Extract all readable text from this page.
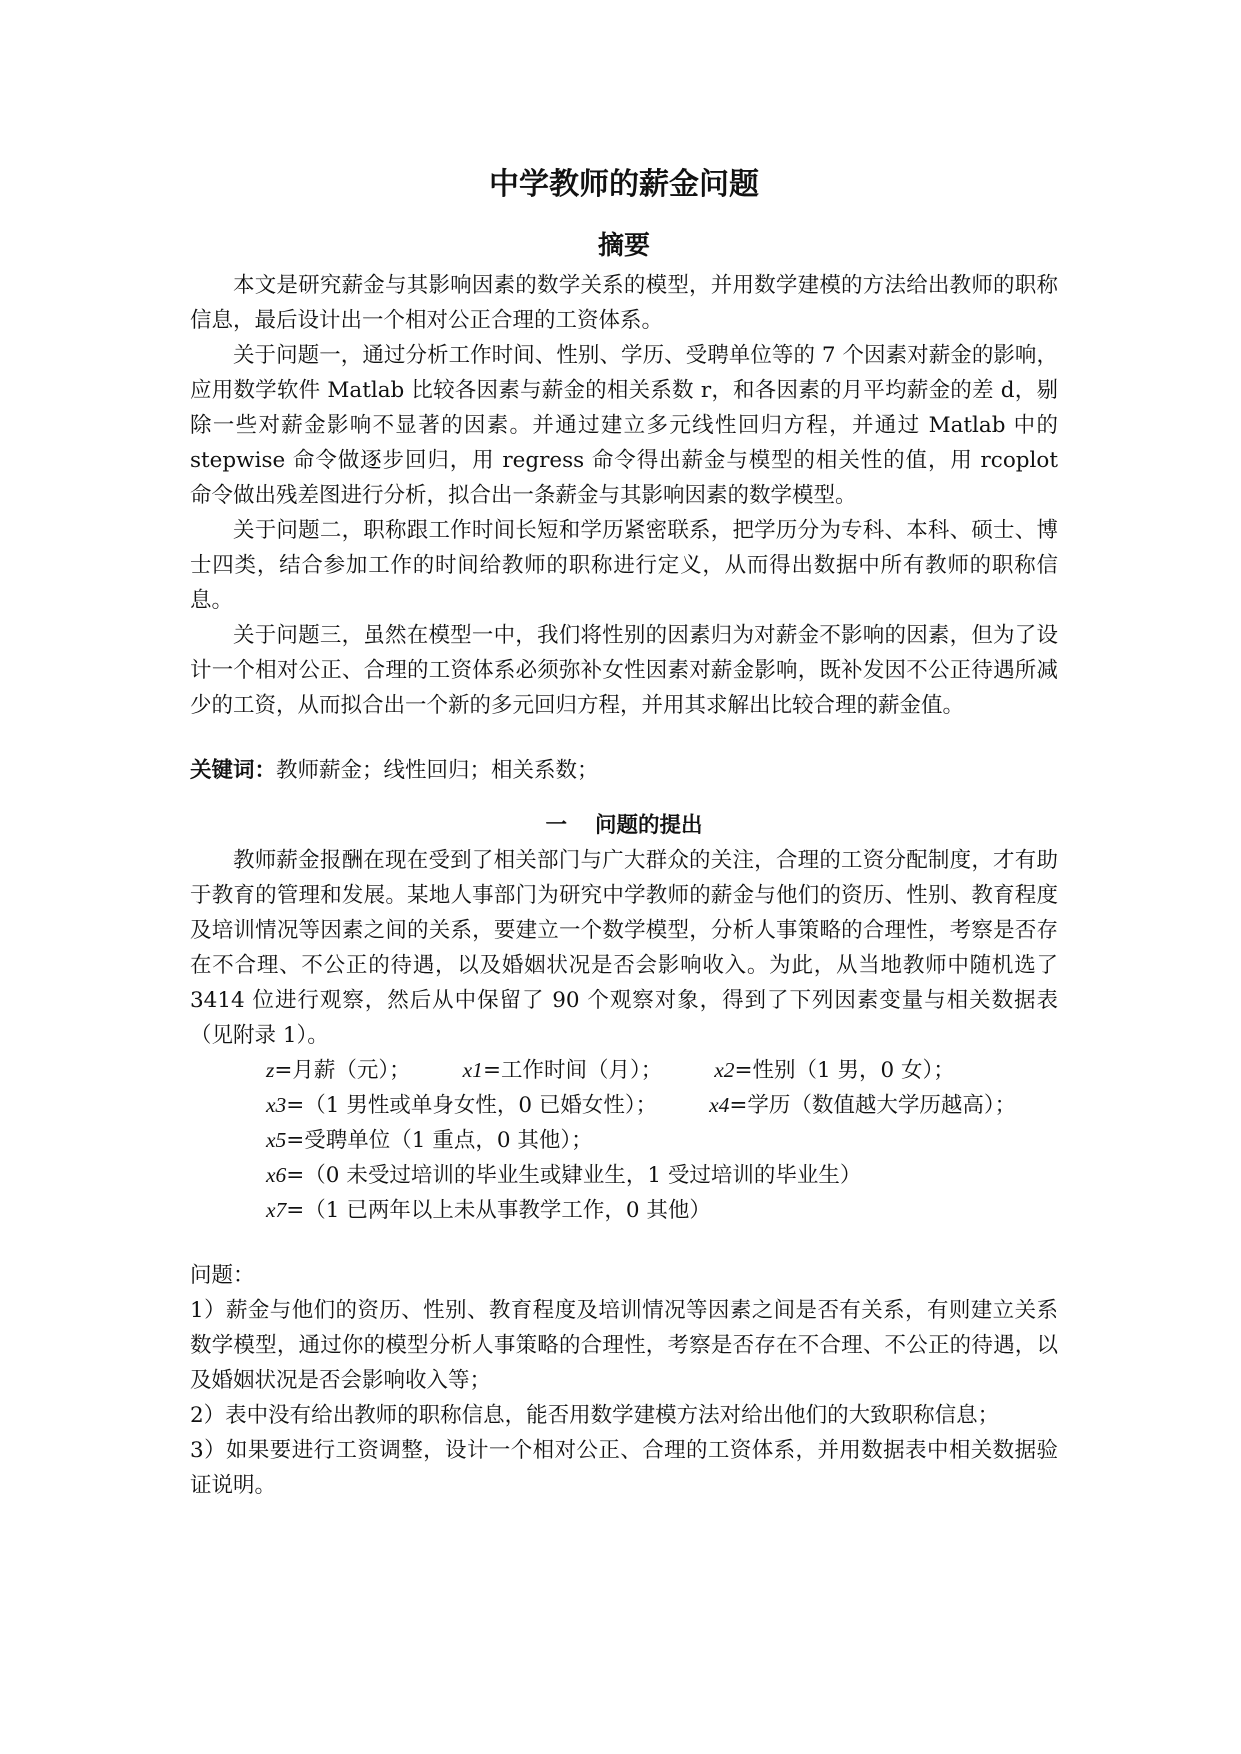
中学教师的薪金问题
摘要

本文是研究薪金与其影响因素的数学关系的模型，并用数学建模的方法给出教师的职称信息，最后设计出一个相对公正合理的工资体系。

关于问题一，通过分析工作时间、性别、学历、受聘单位等的 7 个因素对薪金的影响，应用数学软件 Matlab 比较各因素与薪金的相关系数 r，和各因素的月平均薪金的差 d，剔除一些对薪金影响不显著的因素。并通过建立多元线性回归方程，并通过 Matlab 中的 stepwise 命令做逐步回归，用 regress 命令得出薪金与模型的相关性的值，用 rcoplot 命令做出残差图进行分析，拟合出一条薪金与其影响因素的数学模型。

关于问题二，职称跟工作时间长短和学历紧密联系，把学历分为专科、本科、硕士、博士四类，结合参加工作的时间给教师的职称进行定义，从而得出数据中所有教师的职称信息。

关于问题三，虽然在模型一中，我们将性别的因素归为对薪金不影响的因素，但为了设计一个相对公正、合理的工资体系必须弥补女性因素对薪金影响，既补发因不公正待遇所减少的工资，从而拟合出一个新的多元回归方程，并用其求解出比较合理的薪金值。

关键词：教师薪金；线性回归；相关系数；
一 问题的提出

教师薪金报酬在现在受到了相关部门与广大群众的关注，合理的工资分配制度，才有助于教育的管理和发展。某地人事部门为研究中学教师的薪金与他们的资历、性别、教育程度及培训情况等因素之间的关系，要建立一个数学模型，分析人事策略的合理性，考察是否存在不合理、不公正的待遇，以及婚姻状况是否会影响收入。为此，从当地教师中随机选了 3414 位进行观察，然后从中保留了 90 个观察对象，得到了下列因素变量与相关数据表（见附录 1）。

z=月薪（元）； x1=工作时间（月）； x2=性别（1 男，0 女）；
x3=（1 男性或单身女性，0 已婚女性）； x4=学历（数值越大学历越高）；
x5=受聘单位（1 重点，0 其他）；
x6=（0 未受过培训的毕业生或肄业生，1 受过培训的毕业生）
x7=（1 已两年以上未从事教学工作，0 其他）
问题：

1）薪金与他们的资历、性别、教育程度及培训情况等因素之间是否有关系，有则建立关系数学模型，通过你的模型分析人事策略的合理性，考察是否存在不合理、不公正的待遇，以及婚姻状况是否会影响收入等；

2）表中没有给出教师的职称信息，能否用数学建模方法对给出他们的大致职称信息；

3）如果要进行工资调整，设计一个相对公正、合理的工资体系，并用数据表中相关数据验证说明。
